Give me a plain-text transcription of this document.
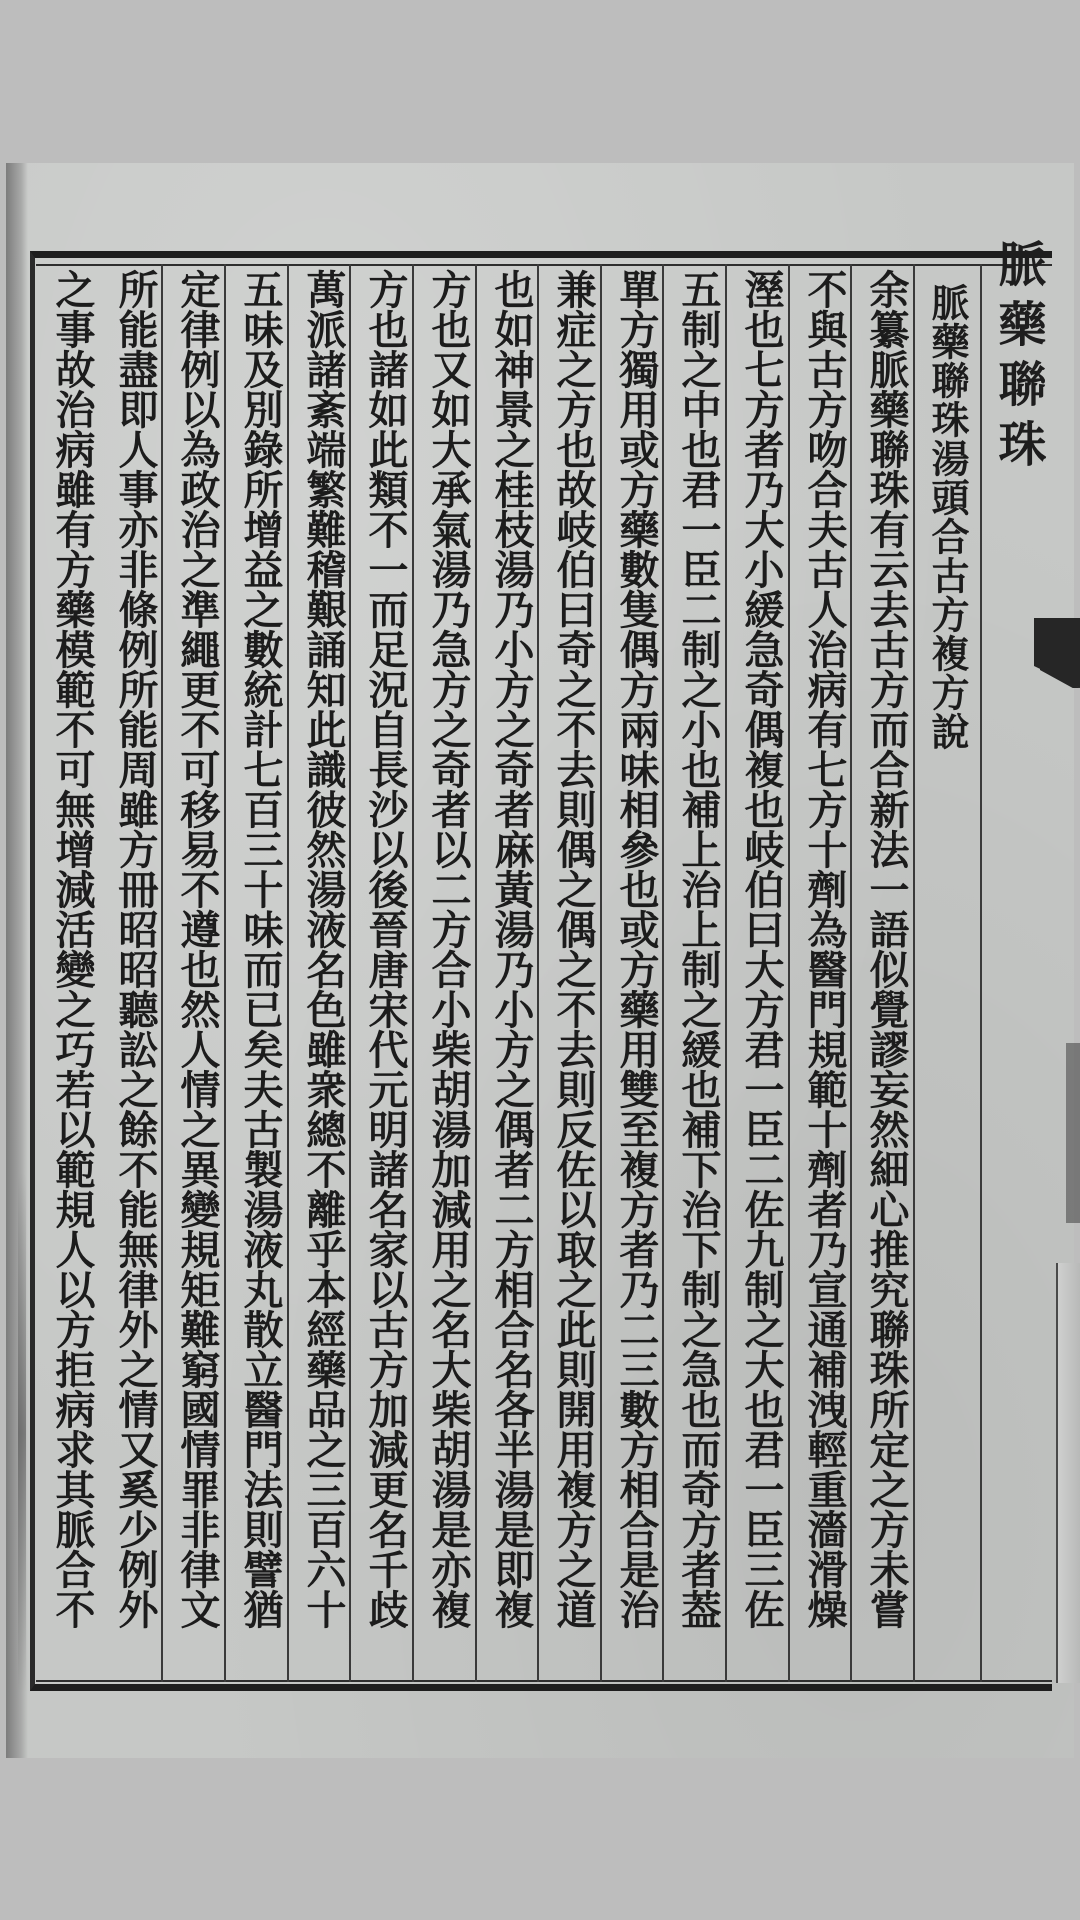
脈藥聯珠
脈藥聯珠湯頭合古方複方說
余纂脈藥聯珠有云去古方而合新法一語似覺謬妄然細心推究聯珠所定之方未嘗
不與古方吻合夫古人治病有七方十劑為醫門規範十劑者乃宣通補洩輕重濇滑燥
溼也七方者乃大小緩急奇偶複也岐伯曰大方君一臣二佐九制之大也君一臣三佐
五制之中也君一臣二制之小也補上治上制之緩也補下治下制之急也而奇方者葢
單方獨用或方藥數隻偶方兩味相參也或方藥用雙至複方者乃二三數方相合是治
兼症之方也故岐伯曰奇之不去則偶之偶之不去則反佐以取之此則開用複方之道
也如神景之桂枝湯乃小方之奇者麻黃湯乃小方之偶者二方相合名各半湯是即複
方也又如大承氣湯乃急方之奇者以二方合小柴胡湯加減用之名大柴胡湯是亦複
方也諸如此類不一而足況自長沙以後晉唐宋代元明諸名家以古方加減更名千歧
萬派諸紊端繁難稽艱誦知此識彼然湯液名色雖衆總不離乎本經藥品之三百六十
五味及別錄所增益之數統計七百三十味而已矣夫古製湯液丸散立醫門法則譬猶
定律例以為政治之準繩更不可移易不遵也然人情之異變規矩難窮國情罪非律文
所能盡即人事亦非條例所能周雖方冊昭昭聽訟之餘不能無律外之情又奚少例外
之事故治病雖有方藥模範不可無增減活變之巧若以範規人以方拒病求其脈合不
